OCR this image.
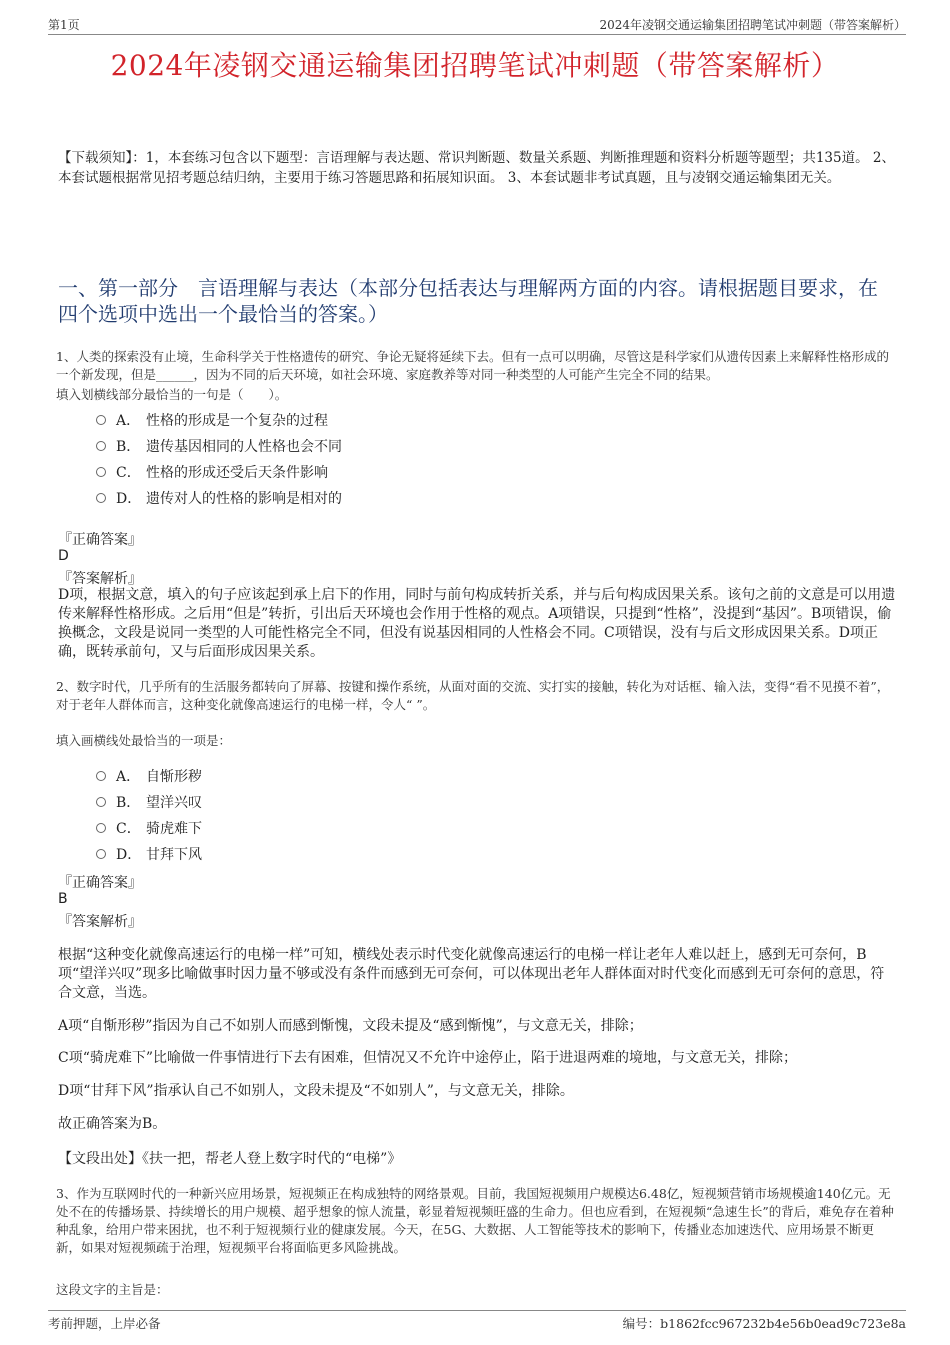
第1页	2024年凌钢交通运输集团招聘笔试冲刺题（带答案解析）
2024年凌钢交通运输集团招聘笔试冲刺题（带答案解析）
【下载须知】：1，本套练习包含以下题型：言语理解与表达题、常识判断题、数量关系题、判断推理题和资料分析题等题型；共135道。 2、本套试题根据常见招考题总结归纳，主要用于练习答题思路和拓展知识面。 3、本套试题非考试真题，且与凌钢交通运输集团无关。
一、第一部分　言语理解与表达（本部分包括表达与理解两方面的内容。请根据题目要求，在四个选项中选出一个最恰当的答案。）
1、人类的探索没有止境，生命科学关于性格遗传的研究、争论无疑将延续下去。但有一点可以明确，尽管这是科学家们从遗传因素上来解释性格形成的一个新发现，但是______，因为不同的后天环境，如社会环境、家庭教养等对同一种类型的人可能产生完全不同的结果。
填入划横线部分最恰当的一句是（　　）。
A． 性格的形成是一个复杂的过程
B． 遗传基因相同的人性格也会不同
C． 性格的形成还受后天条件影响
D． 遗传对人的性格的影响是相对的
『正确答案』
D
『答案解析』
D项，根据文意，填入的句子应该起到承上启下的作用，同时与前句构成转折关系，并与后句构成因果关系。该句之前的文意是可以用遗传来解释性格形成。之后用“但是”转折，引出后天环境也会作用于性格的观点。A项错误，只提到“性格”，没提到“基因”。B项错误，偷换概念，文段是说同一类型的人可能性格完全不同，但没有说基因相同的人性格会不同。C项错误，没有与后文形成因果关系。D项正确，既转承前句，又与后面形成因果关系。
2、数字时代，几乎所有的生活服务都转向了屏幕、按键和操作系统，从面对面的交流、实打实的接触，转化为对话框、输入法，变得“看不见摸不着”，对于老年人群体而言，这种变化就像高速运行的电梯一样，令人“ ”。
填入画横线处最恰当的一项是：
A． 自惭形秽
B． 望洋兴叹
C． 骑虎难下
D． 甘拜下风
『正确答案』
B
『答案解析』
根据“这种变化就像高速运行的电梯一样”可知，横线处表示时代变化就像高速运行的电梯一样让老年人难以赶上，感到无可奈何，B项“望洋兴叹”现多比喻做事时因力量不够或没有条件而感到无可奈何，可以体现出老年人群体面对时代变化而感到无可奈何的意思，符合文意，当选。
A项“自惭形秽”指因为自己不如别人而感到惭愧，文段未提及“感到惭愧”，与文意无关，排除；
C项“骑虎难下”比喻做一件事情进行下去有困难，但情况又不允许中途停止，陷于进退两难的境地，与文意无关，排除；
D项“甘拜下风”指承认自己不如别人，文段未提及“不如别人”，与文意无关，排除。
故正确答案为B。
【文段出处】《扶一把，帮老人登上数字时代的“电梯”》
3、作为互联网时代的一种新兴应用场景，短视频正在构成独特的网络景观。目前，我国短视频用户规模达6.48亿，短视频营销市场规模逾140亿元。无处不在的传播场景、持续增长的用户规模、超乎想象的惊人流量，彰显着短视频旺盛的生命力。但也应看到，在短视频“急速生长”的背后，难免存在着种种乱象，给用户带来困扰，也不利于短视频行业的健康发展。今天，在5G、大数据、人工智能等技术的影响下，传播业态加速迭代、应用场景不断更新，如果对短视频疏于治理，短视频平台将面临更多风险挑战。
这段文字的主旨是：
考前押题，上岸必备	编号：b1862fcc967232b4e56b0ead9c723e8a
